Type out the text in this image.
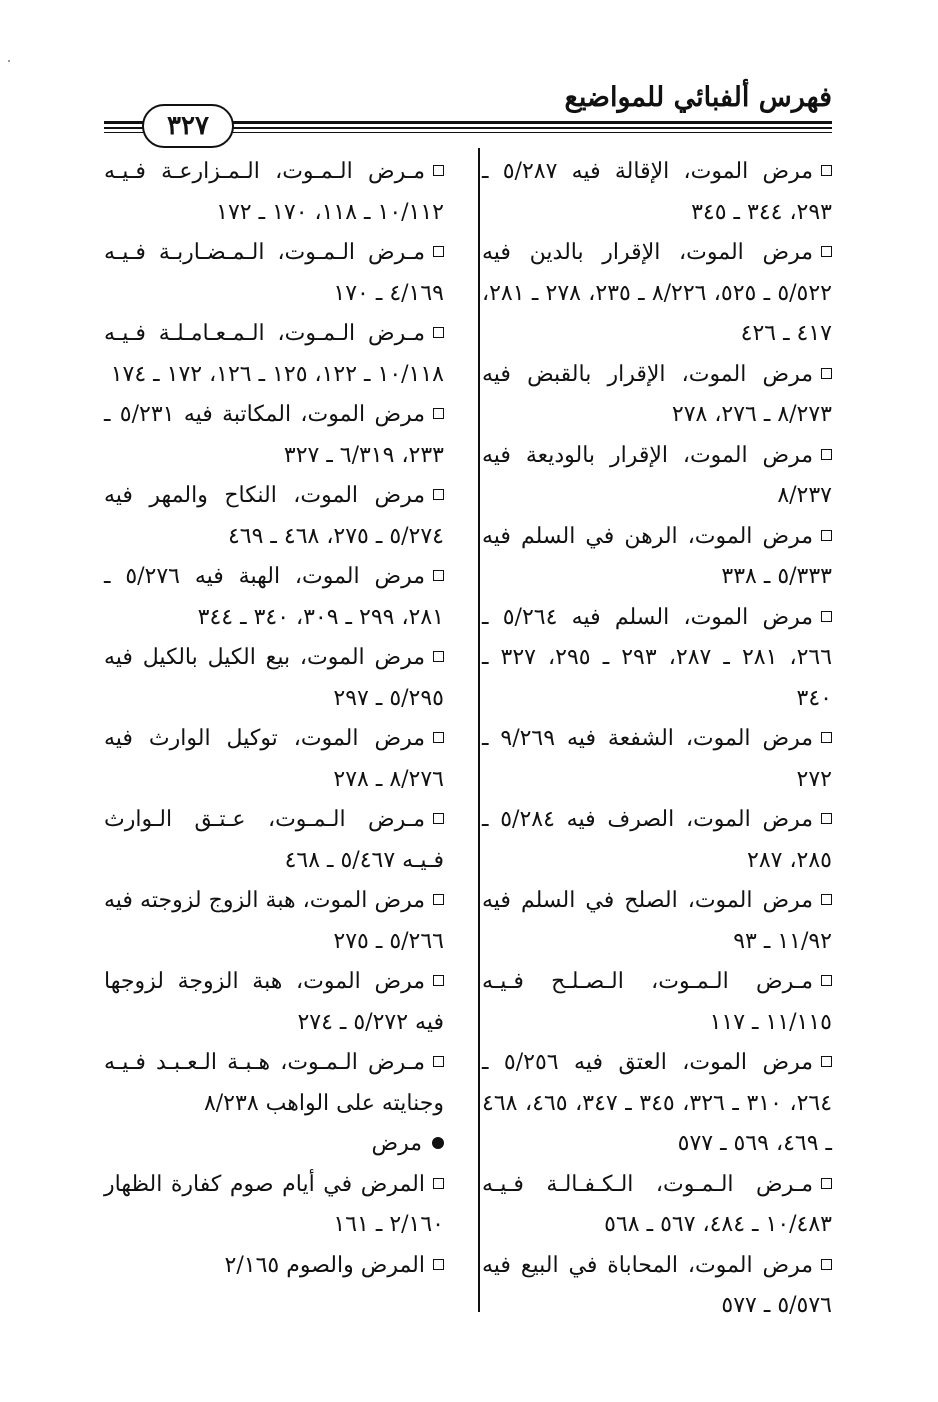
فهرس ألفبائي للمواضيع
٣٢٧
مرض الموت، الإقالة فيه ٥/٢٨٧ ـ ٢٩٣، ٣٤٤ ـ ٣٤٥
مرض الموت، الإقرار بالدين فيه ٥/٥٢٢ ـ ٥٢٥، ٨/٢٢٦ ـ ٢٣٥، ٢٧٨ ـ ٢٨١، ٤١٧ ـ ٤٢٦
مرض الموت، الإقرار بالقبض فيه ٨/٢٧٣ ـ ٢٧٦، ٢٧٨
مرض الموت، الإقرار بالوديعة فيه ٨/٢٣٧
مرض الموت، الرهن في السلم فيه ٥/٣٣٣ ـ ٣٣٨
مرض الموت، السلم فيه ٥/٢٦٤ ـ ٢٦٦، ٢٨١ ـ ٢٨٧، ٢٩٣ ـ ٢٩٥، ٣٢٧ ـ ٣٤٠
مرض الموت، الشفعة فيه ٩/٢٦٩ ـ ٢٧٢
مرض الموت، الصرف فيه ٥/٢٨٤ ـ ٢٨٥، ٢٨٧
مرض الموت، الصلح في السلم فيه ١١/٩٢ ـ ٩٣
مـرض الـمـوت، الـصـلـح فـيـه ١١/١١٥ ـ ١١٧
مرض الموت، العتق فيه ٥/٢٥٦ ـ ٢٦٤، ٣١٠ ـ ٣٢٦، ٣٤٥ ـ ٣٤٧، ٤٦٥، ٤٦٨ ـ ٤٦٩، ٥٦٩ ـ ٥٧٧
مـرض الـمـوت، الـكـفـالـة فـيـه ١٠/٤٨٣ ـ ٤٨٤، ٥٦٧ ـ ٥٦٨
مرض الموت، المحاباة في البيع فيه ٥/٥٧٦ ـ ٥٧٧
مـرض الـمـوت، الـمـزارعـة فـيـه ١٠/١١٢ ـ ١١٨، ١٧٠ ـ ١٧٢
مـرض الـمـوت، الـمـضـاربـة فـيـه ٤/١٦٩ ـ ١٧٠
مـرض الـمـوت، الـمـعـامـلـة فـيـه ١٠/١١٨ ـ ١٢٢، ١٢٥ ـ ١٢٦، ١٧٢ ـ ١٧٤
مرض الموت، المكاتبة فيه ٥/٢٣١ ـ ٢٣٣، ٦/٣١٩ ـ ٣٢٧
مرض الموت، النكاح والمهر فيه ٥/٢٧٤ ـ ٢٧٥، ٤٦٨ ـ ٤٦٩
مرض الموت، الهبة فيه ٥/٢٧٦ ـ ٢٨١، ٢٩٩ ـ ٣٠٩، ٣٤٠ ـ ٣٤٤
مرض الموت، بيع الكيل بالكيل فيه ٥/٢٩٥ ـ ٢٩٧
مرض الموت، توكيل الوارث فيه ٨/٢٧٦ ـ ٢٧٨
مـرض الـمـوت، عـتـق الـوارث فـيـه ٥/٤٦٧ ـ ٤٦٨
مرض الموت، هبة الزوج لزوجته فيه ٥/٢٦٦ ـ ٢٧٥
مرض الموت، هبة الزوجة لزوجها فيه ٥/٢٧٢ ـ ٢٧٤
مـرض الـمـوت، هـبـة الـعـبـد فـيـه وجنايته على الواهب ٨/٢٣٨
مرض
المرض في أيام صوم كفارة الظهار ٢/١٦٠ ـ ١٦١
المرض والصوم ٢/١٦٥
